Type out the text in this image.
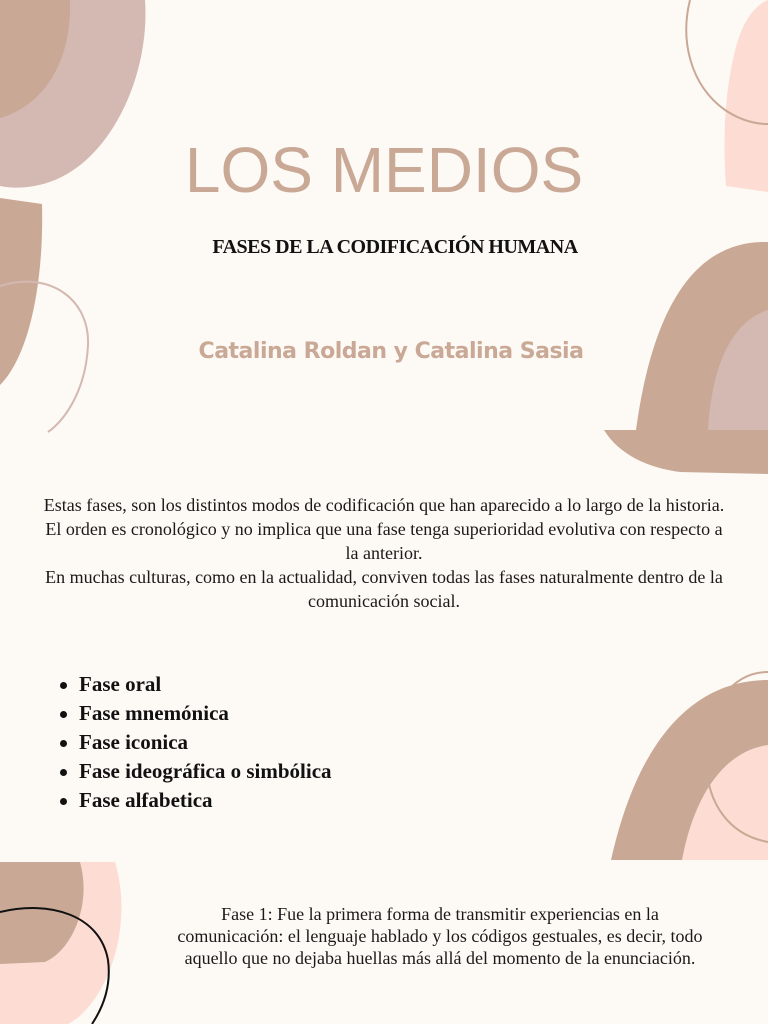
LOS MEDIOS
FASES DE LA CODIFICACIÓN HUMANA
Catalina Roldan y Catalina Sasia

Estas fases, son los distintos modos de codificación que han aparecido a lo largo de la historia.

El orden es cronológico y no implica que una fase tenga superioridad evolutiva con respecto a la anterior.

En muchas culturas, como en la actualidad, conviven todas las fases naturalmente dentro de la comunicación social.

Fase oral
Fase mnemónica
Fase iconica
Fase ideográfica o simbólica
Fase alfabetica
Fase 1: Fue la primera forma de transmitir experiencias en la comunicación: el lenguaje hablado y los códigos gestuales, es decir, todo aquello que no dejaba huellas más allá del momento de la enunciación.
